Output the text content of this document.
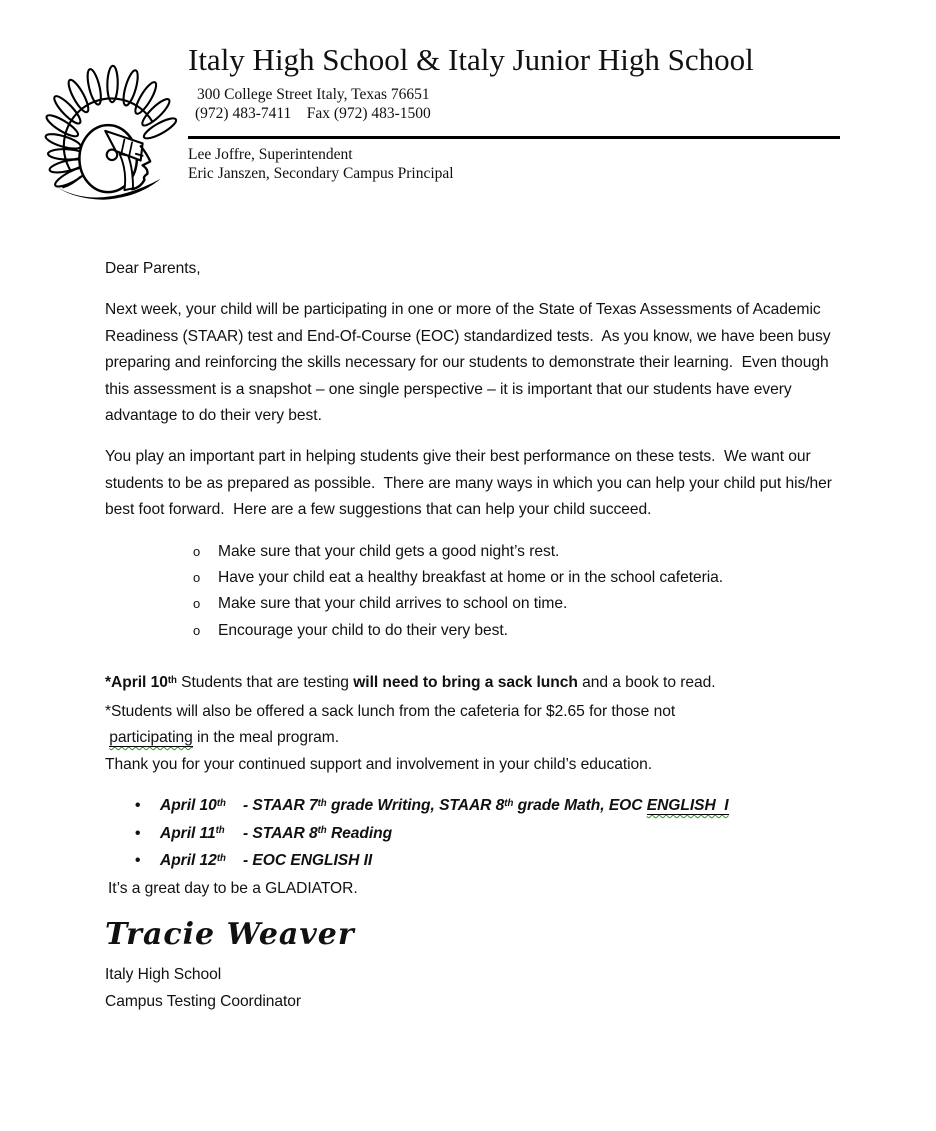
Italy High School & Italy Junior High School
300 College Street Italy, Texas 76651
(972) 483-7411    Fax (972) 483-1500
Lee Joffre, Superintendent
Eric Janszen, Secondary Campus Principal

Dear Parents,

Next week, your child will be participating in one or more of the State of Texas Assessments of Academic Readiness (STAAR) test and End-Of-Course (EOC) standardized tests.  As you know, we have been busy preparing and reinforcing the skills necessary for our students to demonstrate their learning.  Even though this assessment is a snapshot – one single perspective – it is important that our students have every advantage to do their very best.

You play an important part in helping students give their best performance on these tests.  We want our students to be as prepared as possible.  There are many ways in which you can help your child put his/her best foot forward.  Here are a few suggestions that can help your child succeed.

o	Make sure that your child gets a good night’s rest.
o	Have your child eat a healthy breakfast at home or in the school cafeteria.
o	Make sure that your child arrives to school on time.
o	Encourage your child to do their very best.
*April 10th Students that are testing will need to bring a sack lunch and a book to read.
*Students will also be offered a sack lunch from the cafeteria for $2.65 for those not
participating in the meal program.

Thank you for your continued support and involvement in your child’s education.

•	April 10th	- STAAR 7th grade Writing, STAAR 8th grade Math, EOC ENGLISH  I
•	April 11th	- STAAR 8th Reading
•	April 12th	- EOC ENGLISH II

It’s a great day to be a GLADIATOR.

Tracie Weaver
Italy High School
Campus Testing Coordinator
